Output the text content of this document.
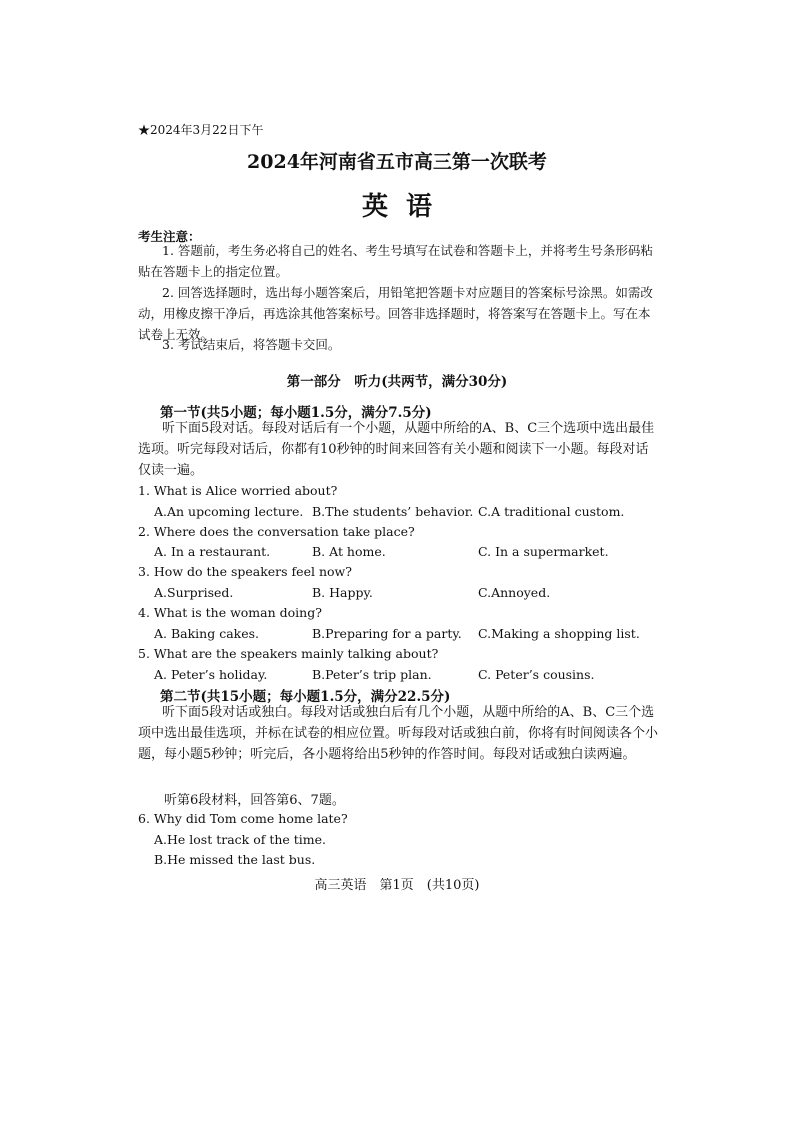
★2024年3月22日下午
2024年河南省五市高三第一次联考
英语
考生注意：
1. 答题前，考生务必将自己的姓名、考生号填写在试卷和答题卡上，并将考生号条形码粘贴在答题卡上的指定位置。
2. 回答选择题时，选出每小题答案后，用铅笔把答题卡对应题目的答案标号涂黑。如需改动，用橡皮擦干净后，再选涂其他答案标号。回答非选择题时，将答案写在答题卡上。写在本试卷上无效。
3. 考试结束后，将答题卡交回。
第一部分　听力(共两节，满分30分)
第一节(共5小题；每小题1.5分，满分7.5分)
听下面5段对话。每段对话后有一个小题，从题中所给的A、B、C三个选项中选出最佳选项。听完每段对话后，你都有10秒钟的时间来回答有关小题和阅读下一小题。每段对话仅读一遍。
1. What is Alice worried about?
A.An upcoming lecture. B.The students’ behavior. C.A traditional custom.
2. Where does the conversation take place?
A. In a restaurant.	B. At home.	C. In a supermarket.
3. How do the speakers feel now?
A.Surprised.	B. Happy.	C.Annoyed.
4. What is the woman doing?
A. Baking cakes.	B.Preparing for a party. C.Making a shopping list.
5. What are the speakers mainly talking about?
A. Peter’s holiday.	B.Peter’s trip plan.	C. Peter’s cousins.
第二节(共15小题；每小题1.5分，满分22.5分)
听下面5段对话或独白。每段对话或独白后有几个小题，从题中所给的A、B、C三个选项中选出最佳选项，并标在试卷的相应位置。听每段对话或独白前，你将有时间阅读各个小题，每小题5秒钟；听完后，各小题将给出5秒钟的作答时间。每段对话或独白读两遍。
听第6段材料，回答第6、7题。
6. Why did Tom come home late?
A.He lost track of the time.
B.He missed the last bus.
高三英语　第1页　(共10页)
